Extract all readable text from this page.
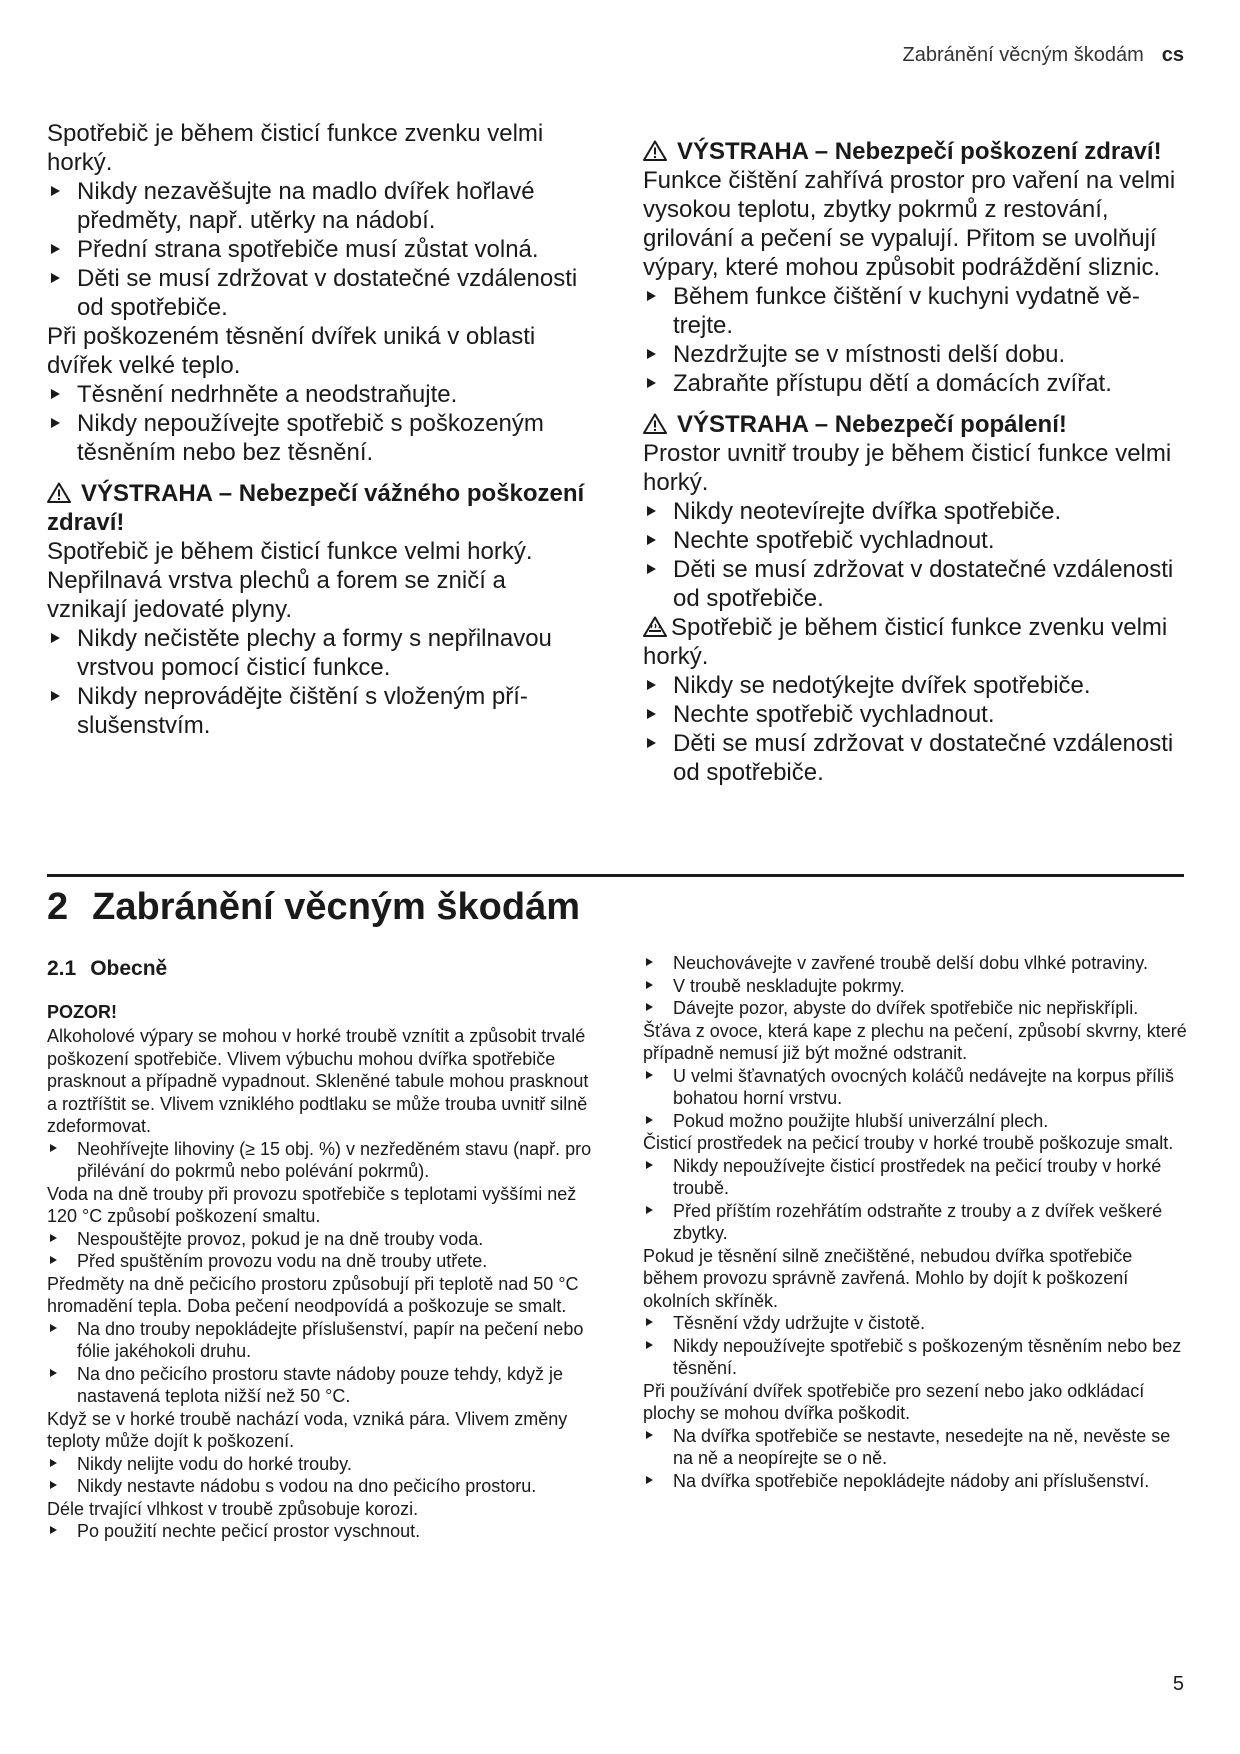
Zabránění věcným škodám cs

Spotřebič je během čisticí funkce zvenku velmi horký.

Nikdy nezavěšujte na madlo dvířek hořlavé předměty, např. utěrky na nádobí.
Přední strana spotřebiče musí zůstat volná.
Děti se musí zdržovat v dostatečné vzdálenosti od spotřebiče.

Při poškozeném těsnění dvířek uniká v oblasti dvířek velké teplo.

Těsnění nedrhněte a neodstraňujte.
Nikdy nepoužívejte spotřebič s poškozeným těsněním nebo bez těsnění.

VÝSTRAHA – Nebezpečí vážného poškození zdraví!

Spotřebič je během čisticí funkce velmi horký. Nepřilnavá vrstva plechů a forem se zničí a vznikají jedovaté plyny.

Nikdy nečistěte plechy a formy s nepřilnavou vrstvou pomocí čisticí funkce.
Nikdy neprovádějte čištění s vloženým příslušenstvím.

VÝSTRAHA – Nebezpečí poškození zdraví!

Funkce čištění zahřívá prostor pro vaření na velmi vysokou teplotu, zbytky pokrmů z restování, grilování a pečení se vypalují. Přitom se uvolňují výpary, které mohou způsobit podráždění sliznic.

Během funkce čištění v kuchyni vydatně větrejte.
Nezdržujte se v místnosti delší dobu.
Zabraňte přístupu dětí a domácích zvířat.

VÝSTRAHA – Nebezpečí popálení!

Prostor uvnitř trouby je během čisticí funkce velmi horký.

Nikdy neotevírejte dvířka spotřebiče.
Nechte spotřebič vychladnout.
Děti se musí zdržovat v dostatečné vzdálenosti od spotřebiče.

Spotřebič je během čisticí funkce zvenku velmi horký.

Nikdy se nedotýkejte dvířek spotřebiče.
Nechte spotřebič vychladnout.
Děti se musí zdržovat v dostatečné vzdálenosti od spotřebiče.
2 Zabránění věcným škodám

2.1 Obecně

POZOR!

Alkoholové výpary se mohou v horké troubě vznítit a způsobit trvalé poškození spotřebiče. Vlivem výbuchu mohou dvířka spotřebiče prasknout a případně vypadnout. Skleněné tabule mohou prasknout a roztříštit se. Vlivem vzniklého podtlaku se může trouba uvnitř silně zdeformovat.

Neohřívejte lihoviny (≥ 15 obj. %) v nezředěném stavu (např. pro přilévání do pokrmů nebo polévání pokrmů).

Voda na dně trouby při provozu spotřebiče s teplotami vyššími než 120 °C způsobí poškození smaltu.

Nespouštějte provoz, pokud je na dně trouby voda.
Před spuštěním provozu vodu na dně trouby utřete.

Předměty na dně pečicího prostoru způsobují při teplotě nad 50 °C hromadění tepla. Doba pečení neodpovídá a poškozuje se smalt.

Na dno trouby nepokládejte příslušenství, papír na pečení nebo fólie jakéhokoli druhu.
Na dno pečicího prostoru stavte nádoby pouze tehdy, když je nastavená teplota nižší než 50 °C.

Když se v horké troubě nachází voda, vzniká pára. Vlivem změny teploty může dojít k poškození.

Nikdy nelijte vodu do horké trouby.
Nikdy nestavte nádobu s vodou na dno pečicího prostoru.

Déle trvající vlhkost v troubě způsobuje korozi.

Po použití nechte pečicí prostor vyschnout.
Neuchovávejte v zavřené troubě delší dobu vlhké potraviny.
V troubě neskladujte pokrmy.
Dávejte pozor, abyste do dvířek spotřebiče nic nepřiskřípli.

Šťáva z ovoce, která kape z plechu na pečení, způsobí skvrny, které případně nemusí již být možné odstranit.

U velmi šťavnatých ovocných koláčů nedávejte na korpus příliš bohatou horní vrstvu.
Pokud možno použijte hlubší univerzální plech.

Čisticí prostředek na pečicí trouby v horké troubě poškozuje smalt.

Nikdy nepoužívejte čisticí prostředek na pečicí trouby v horké troubě.
Před příštím rozehřátím odstraňte z trouby a z dvířek veškeré zbytky.

Pokud je těsnění silně znečištěné, nebudou dvířka spotřebiče během provozu správně zavřená. Mohlo by dojít k poškození okolních skříněk.

Těsnění vždy udržujte v čistotě.
Nikdy nepoužívejte spotřebič s poškozeným těsněním nebo bez těsnění.

Při používání dvířek spotřebiče pro sezení nebo jako odkládací plochy se mohou dvířka poškodit.

Na dvířka spotřebiče se nestavte, nesedejte na ně, nevěste se na ně a neopírejte se o ně.
Na dvířka spotřebiče nepokládejte nádoby ani příslušenství.
5
